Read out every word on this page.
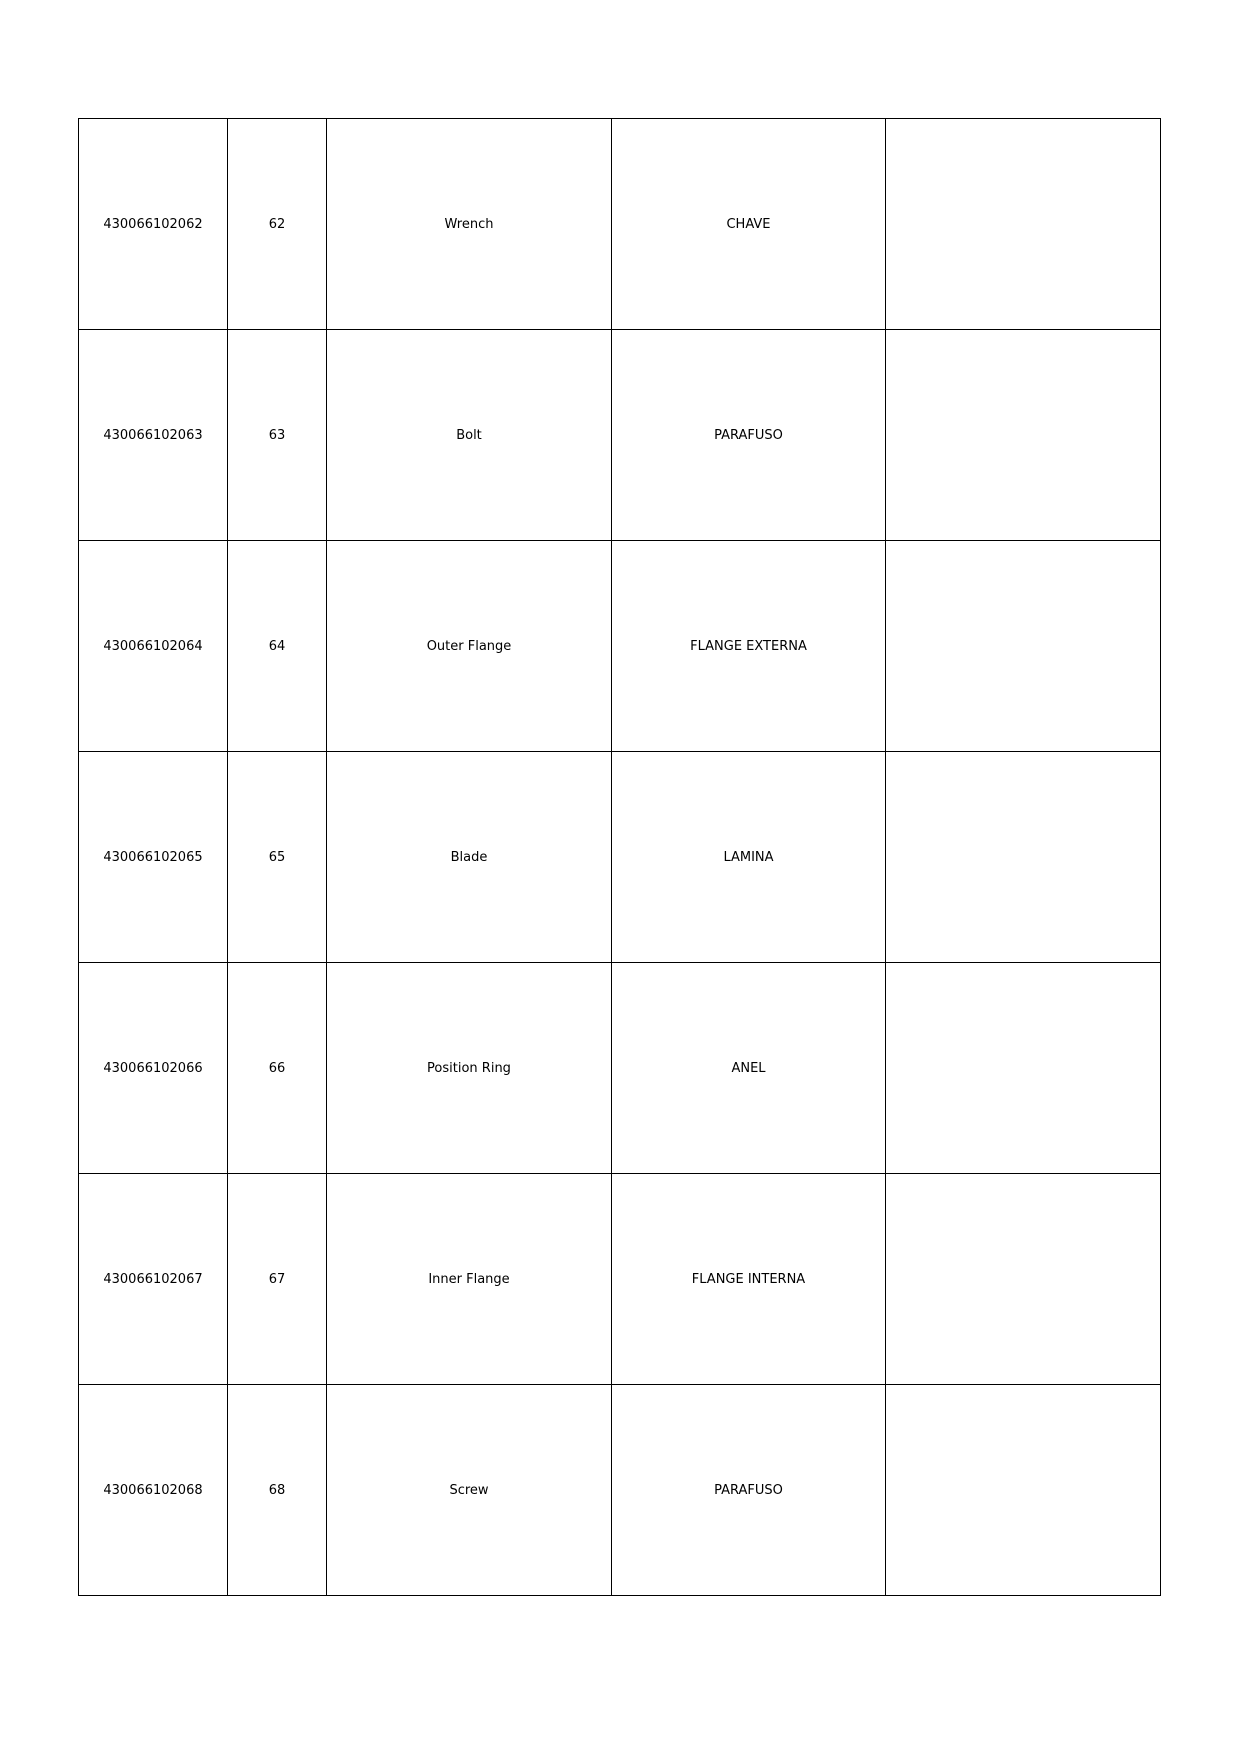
430066102062	62	Wrench	CHAVE	
430066102063	63	Bolt	PARAFUSO	
430066102064	64	Outer Flange	FLANGE EXTERNA	
430066102065	65	Blade	LAMINA	
430066102066	66	Position Ring	ANEL	
430066102067	67	Inner Flange	FLANGE INTERNA	
430066102068	68	Screw	PARAFUSO	
